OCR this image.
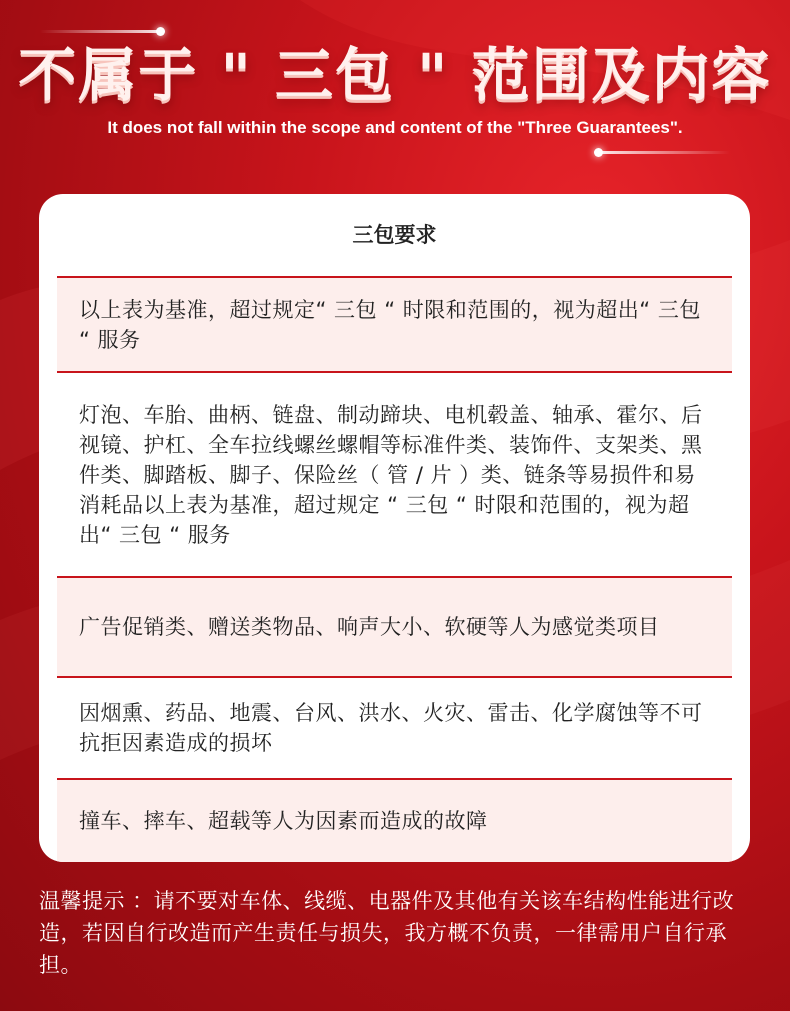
不属于 " 三包 " 范围及内容
It does not fall within the scope and content of the "Three Guarantees".
三包要求
以上表为基准，超过规定“ 三包 “ 时限和范围的，视为超出“ 三包 “ 服务
灯泡、车胎、曲柄、链盘、制动蹄块、电机毂盖、轴承、霍尔、后视镜、护杠、全车拉线螺丝螺帽等标准件类、装饰件、支架类、黑件类、脚踏板、脚子、保险丝（ 管 / 片 ）类、链条等易损件和易消耗品以上表为基准，超过规定 “ 三包 “ 时限和范围的，视为超出“ 三包 “ 服务
广告促销类、赠送类物品、响声大小、软硬等人为感觉类项目
因烟熏、药品、地震、台风、洪水、火灾、雷击、化学腐蚀等不可抗拒因素造成的损坏
撞车、摔车、超载等人为因素而造成的故障
温馨提示 ：请不要对车体、线缆、电器件及其他有关该车结构性能进行改造，若因自行改造而产生责任与损失，我方概不负责，一律需用户自行承担。
